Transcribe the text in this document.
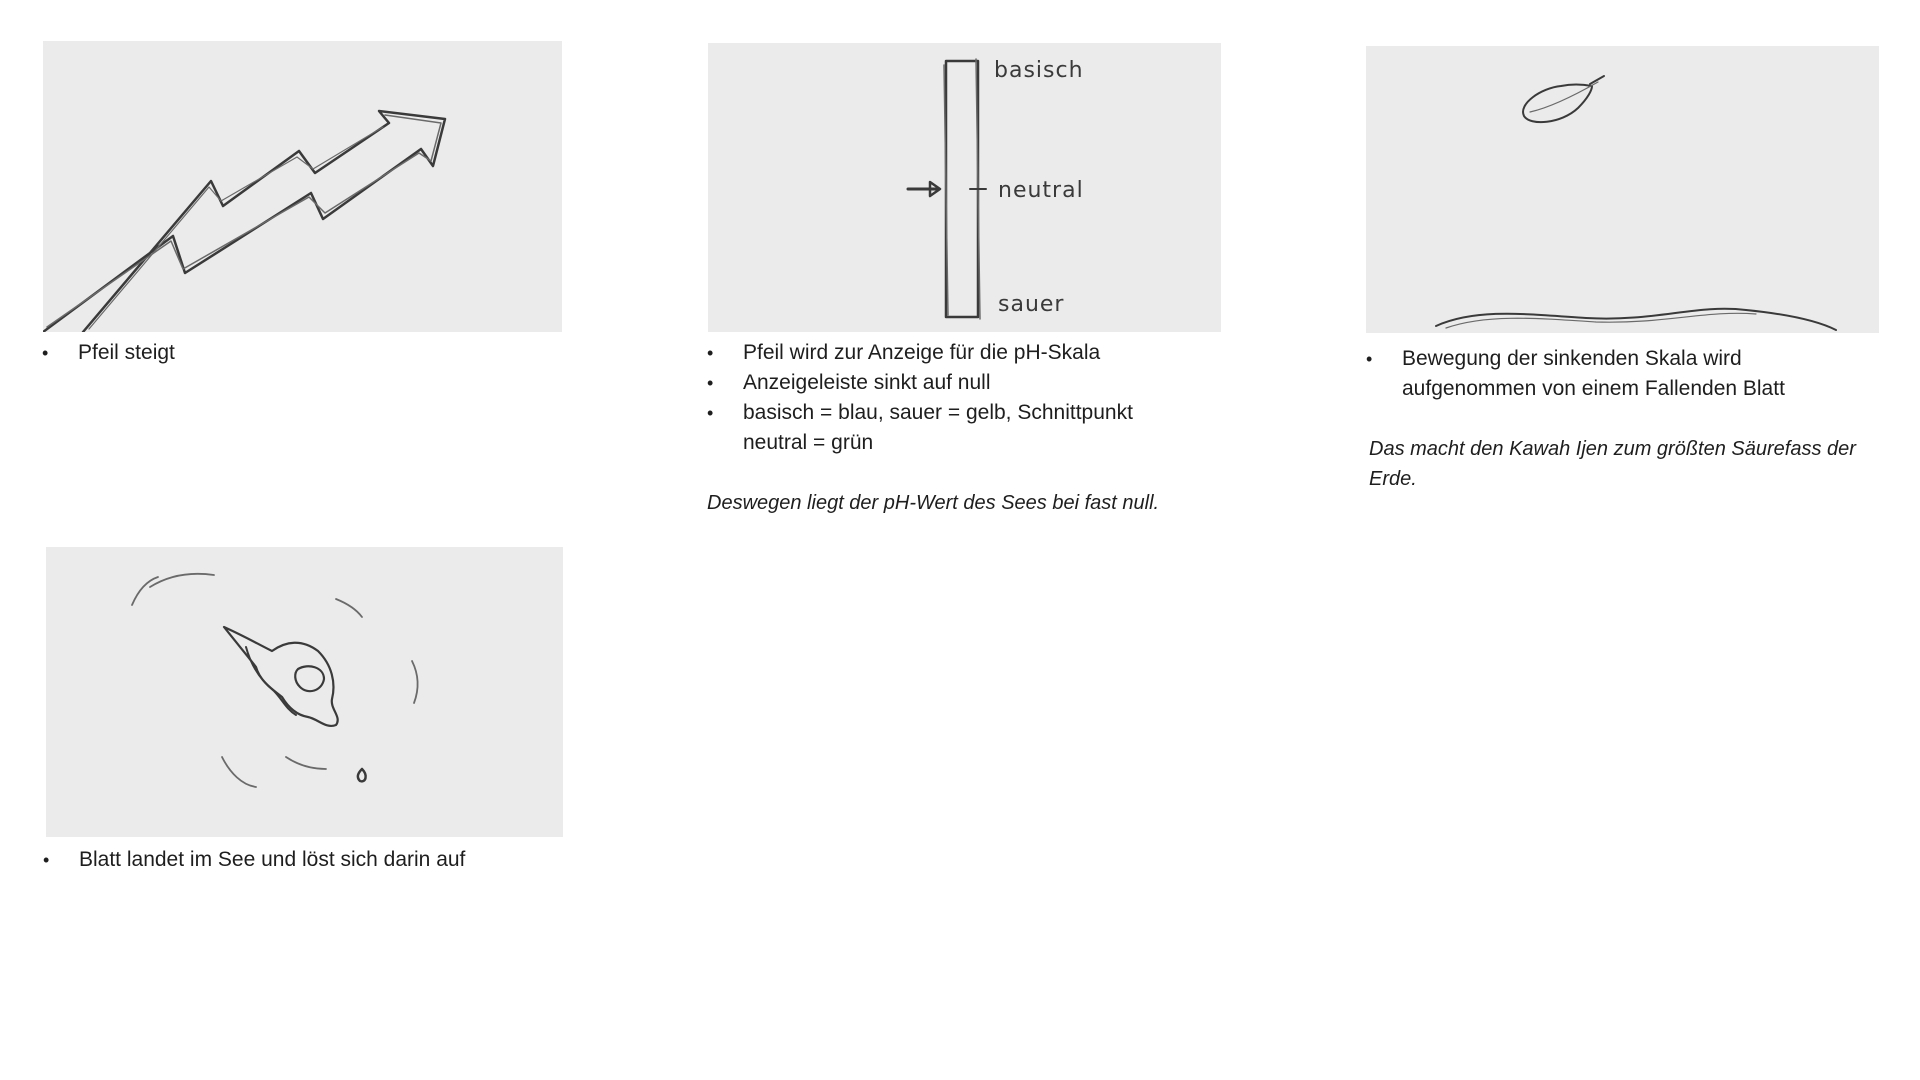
• Pfeil steigt
basisch
neutral
sauer
• Pfeil wird zur Anzeige für die pH-Skala
• Anzeigeleiste sinkt auf null
• basisch = blau, sauer = gelb, Schnittpunkt neutral = grün

Deswegen liegt der pH-Wert des Sees bei fast null.

• Bewegung der sinkenden Skala wird aufgenommen von einem Fallenden Blatt

Das macht den Kawah Ijen zum größten Säurefass der Erde.

• Blatt landet im See und löst sich darin auf
